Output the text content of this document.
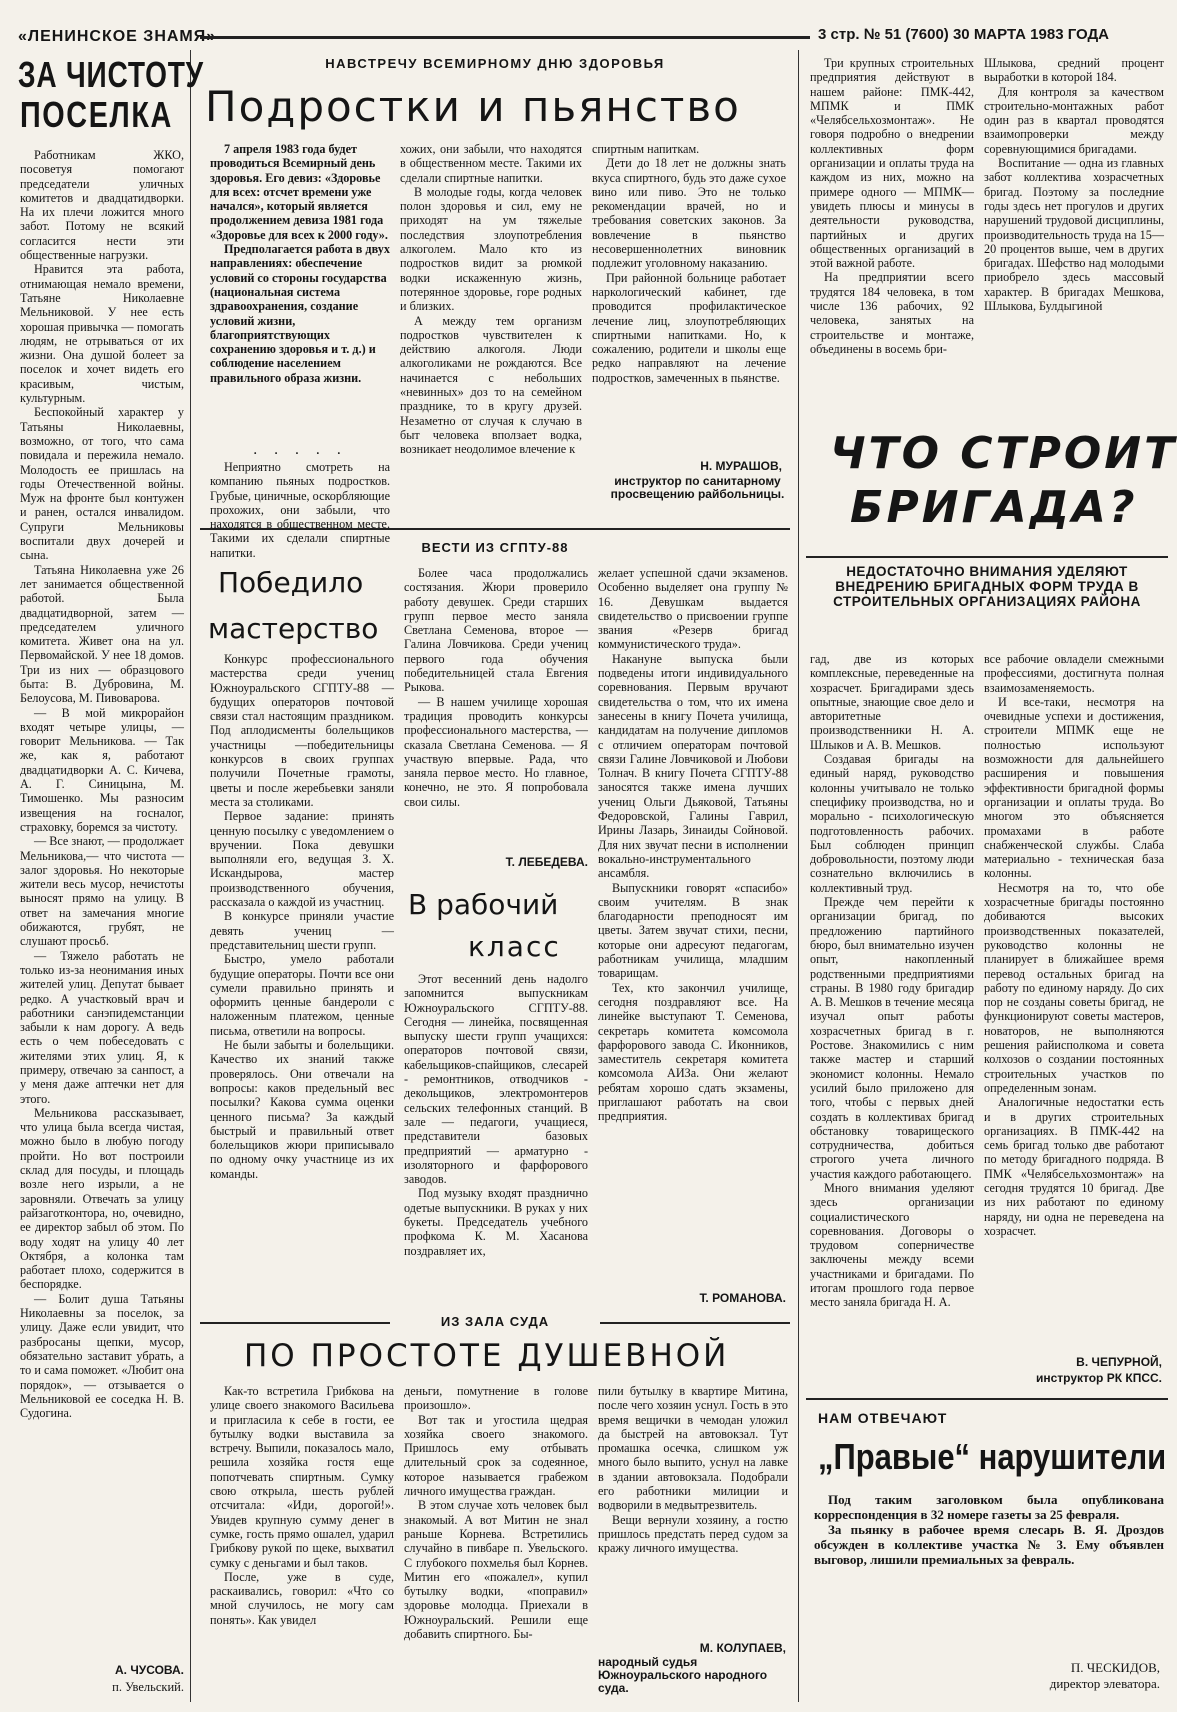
«ЛЕНИНСКОЕ ЗНАМЯ»	3 стр. № 51 (7600) 30 МАРТА 1983 ГОДА
ЗА ЧИСТОТУ
ПОСЕЛКА

Работникам ЖКО, посоветуя помогают председатели уличных комитетов и двадцатидворки. На их плечи ложится много забот. Потому не всякий согласится нести эти общественные нагрузки.

Нравится эта работа, отнимающая немало времени, Татьяне Николаевне Мельниковой. У нее есть хорошая привычка — помогать людям, не отрываться от их жизни. Она душой болеет за поселок и хочет видеть его красивым, чистым, культурным.

Беспокойный характер у Татьяны Николаевны, возможно, от того, что сама повидала и пережила немало. Молодость ее пришлась на годы Отечественной войны. Муж на фронте был контужен и ранен, остался инвалидом. Супруги Мельниковы воспитали двух дочерей и сына.

Татьяна Николаевна уже 26 лет занимается общественной работой. Была двадцатидворной, затем — председателем уличного комитета. Живет она на ул. Первомайской. У нее 18 домов. Три из них — образцового быта: В. Дубровина, М. Белоусова, М. Пивоварова.

— В мой микрорайон входят четыре улицы, — говорит Мельникова. — Так же, как я, работают двадцатидворки А. С. Кичева, А. Г. Синицына, М. Тимошенко. Мы разносим извещения на госналог, страховку, боремся за чистоту.

— Все знают, — продолжает Мельникова,— что чистота —залог здоровья. Но некоторые жители весь мусор, нечистоты выносят прямо на улицу. В ответ на замечания многие обижаются, грубят, не слушают просьб.

— Тяжело работать не только из-за неонимания иных жителей улиц. Депутат бывает редко. А участковый врач и работники санэпидемстанции забыли к нам дорогу. А ведь есть о чем побеседовать с жителями этих улиц. Я, к примеру, отвечаю за санпост, а у меня даже аптечки нет для этого.

Мельникова рассказывает, что улица была всегда чистая, можно было в любую погоду пройти. Но вот построили склад для посуды, и площадь возле него изрыли, а не заровняли. Отвечать за улицу райзаготконтора, но, очевидно, ее директор забыл об этом. По воду ходят на улицу 40 лет Октября, а колонка там работает плохо, содержится в беспорядке.

— Болит душа Татьяны Николаевны за поселок, за улицу. Даже если увидит, что разбросаны щепки, мусор, обязательно заставит убрать, а то и сама поможет. «Любит она порядок», — отзывается о Мельниковой ее соседка Н. В. Судогина.

А. ЧУСОВА.
п. Увельский.
НАВСТРЕЧУ ВСЕМИРНОМУ ДНЮ ЗДОРОВЬЯ
Подростки и пьянство

7 апреля 1983 года будет проводиться Всемирный день здоровья. Его девиз: «Здоровье для всех: отсчет времени уже начался», который является продолжением девиза 1981 года «Здоровье для всех к 2000 году».

Предполагается работа в двух направлениях: обеспечение условий со стороны государства (национальная система здравоохранения, создание условий жизни, благоприятствующих сохранению здоровья и т. д.) и соблюдение населением правильного образа жизни.

· · · · ·

Неприятно смотреть на компанию пьяных подростков. Грубые, циничные, оскорбляющие прохожих, они забыли, что находятся в общественном месте. Такими их сделали спиртные напитки.

хожих, они забыли, что находятся в общественном месте. Такими их сделали спиртные напитки.

В молодые годы, когда человек полон здоровья и сил, ему не приходят на ум тяжелые последствия злоупотребления алкоголем. Мало кто из подростков видит за рюмкой водки искаженную жизнь, потерянное здоровье, горе родных и близких.

А между тем организм подростков чувствителен к действию алкоголя. Люди алкоголиками не рождаются. Все начинается с небольших «невинных» доз то на семейном празднике, то в кругу друзей. Незаметно от случая к случаю в быт человека вползает водка, возникает неодолимое влечение к

спиртным напиткам.

Дети до 18 лет не должны знать вкуса спиртного, будь это даже сухое вино или пиво. Это не только рекомендации врачей, но и требования советских законов. За вовлечение в пьянство несовершеннолетних виновник подлежит уголовному наказанию.

При районной больнице работает наркологический кабинет, где проводится профилактическое лечение лиц, злоупотребляющих спиртными напитками. Но, к сожалению, родители и школы еще редко направляют на лечение подростков, замеченных в пьянстве.

Н. МУРАШОВ,
инструктор по санитарному просвещению райбольницы.
ВЕСТИ ИЗ СГПТУ-88
Победило
мастерство

Конкурс профессионального мастерства среди учениц Южноуральского СГПТУ-88 — будущих операторов почтовой связи стал настоящим праздником. Под аплодисменты болельщиков участницы —победительницы конкурсов в своих группах получили Почетные грамоты, цветы и после жеребьевки заняли места за столиками.

Первое задание: принять ценную посылку с уведомлением о вручении. Пока девушки выполняли его, ведущая З. Х. Искандырова, мастер производственного обучения, рассказала о каждой из участниц.

В конкурсе приняли участие девять учениц — представительниц шести групп.

Быстро, умело работали будущие операторы. Почти все они сумели правильно принять и оформить ценные бандероли с наложенным платежом, ценные письма, ответили на вопросы.

Не были забыты и болельщики. Качество их знаний также проверялось. Они отвечали на вопросы: каков предельный вес посылки? Какова сумма оценки ценного письма? За каждый быстрый и правильный ответ болельщиков жюри приписывало по одному очку участнице из их команды.

Более часа продолжались состязания. Жюри проверило работу девушек. Среди старших групп первое место заняла Светлана Семенова, второе — Галина Ловчикова. Среди учениц первого года обучения победительницей стала Евгения Рыкова.

— В нашем училище хорошая традиция проводить конкурсы профессионального мастерства, — сказала Светлана Семенова. — Я участвую впервые. Рада, что заняла первое место. Но главное, конечно, не это. Я попробовала свои силы.

Т. ЛЕБЕДЕВА.
В рабочий
класс

Этот весенний день надолго запомнится выпускникам Южноуральского СГПТУ-88. Сегодня — линейка, посвященная выпуску шести групп учащихся: операторов почтовой связи, кабельщиков-спайщиков, слесарей - ремонтников, отводчиков - декольщиков, электромонтеров сельских телефонных станций. В зале — педагоги, учащиеся, представители базовых предприятий — арматурно - изоляторного и фарфорового заводов.

Под музыку входят празднично одетые выпускники. В руках у них букеты. Председатель учебного профкома К. М. Хасанова поздравляет их,

желает успешной сдачи экзаменов. Особенно выделяет она группу № 16. Девушкам выдается свидетельство о присвоении группе звания «Резерв бригад коммунистического труда».

Накануне выпуска были подведены итоги индивидуального соревнования. Первым вручают свидетельства о том, что их имена занесены в книгу Почета училища, кандидатам на получение дипломов с отличием операторам почтовой связи Галине Ловчиковой и Любови Толнач. В книгу Почета СГПТУ-88 заносятся также имена лучших учениц Ольги Дьяковой, Татьяны Федоровской, Галины Гаврил, Ирины Лазарь, Зинаиды Сойновой. Для них звучат песни в исполнении вокально-инструментального ансамбля.

Выпускники говорят «спасибо» своим учителям. В знак благодарности преподносят им цветы. Затем звучат стихи, песни, которые они адресуют педагогам, работникам училища, младшим товарищам.

Тех, кто закончил училище, сегодня поздравляют все. На линейке выступают Т. Семенова, секретарь комитета комсомола фарфорового завода С. Иконников, заместитель секретаря комитета комсомола АИЗа. Они желают ребятам хорошо сдать экзамены, приглашают работать на свои предприятия.

Т. РОМАНОВА.
ИЗ ЗАЛА СУДА
ПО ПРОСТОТЕ ДУШЕВНОЙ

Как-то встретила Грибкова на улице своего знакомого Васильева и пригласила к себе в гости, ее бутылку водки выставила за встречу. Выпили, показалось мало, решила хозяйка гостя еще попотчевать спиртным. Сумку свою открыла, шесть рублей отсчитала: «Иди, дорогой!». Увидев крупную сумму денег в сумке, гость прямо ошалел, ударил Грибкову рукой по щеке, выхватил сумку с деньгами и был таков.

После, уже в суде, раскаивались, говорил: «Что со мной случилось, не могу сам понять». Как увидел

деньги, помутнение в голове произошло».

Вот так и угостила щедрая хозяйка своего знакомого. Пришлось ему отбывать длительный срок за содеянное, которое называется грабежом личного имущества граждан.

В этом случае хоть человек был знакомый. А вот Митин не знал раньше Корнева. Встретились случайно в пивбаре п. Увельского. С глубокого похмелья был Корнев. Митин его «пожалел», купил бутылку водки, «поправил» здоровье молодца. Приехали в Южноуральский. Решили еще добавить спиртного. Бы-

пили бутылку в квартире Митина, после чего хозяин уснул. Гость в это время вещички в чемодан уложил да быстрей на автовокзал. Тут промашка осечка, слишком уж много было выпито, уснул на лавке в здании автовокзала. Подобрали его работники милиции и водворили в медвытрезвитель.

Вещи вернули хозяину, а гостю пришлось предстать перед судом за кражу личного имущества.

М. КОЛУПАЕВ,
народный судья Южноуральского народного суда.

Три крупных строительных предприятия действуют в нашем районе: ПМК-442, МПМК и ПМК «Челябсельхозмонтаж». Не говоря подробно о внедрении коллективных форм организации и оплаты труда на каждом из них, можно на примере одного — МПМК— увидеть плюсы и минусы в деятельности руководства, партийных и других общественных организаций в этой важной работе.

На предприятии всего трудятся 184 человека, в том числе 136 рабочих, 92 человека, занятых на строительстве и монтаже, объединены в восемь бри-

Шлыкова, средний процент выработки в которой 184.

Для контроля за качеством строительно-монтажных работ один раз в квартал проводятся взаимопроверки между соревнующимися бригадами.

Воспитание — одна из главных забот коллектива хозрасчетных бригад. Поэтому за последние годы здесь нет прогулов и других нарушений трудовой дисциплины, производительность труда на 15—20 процентов выше, чем в других бригадах. Шефство над молодыми приобрело здесь массовый характер. В бригадах Мешкова, Шлыкова, Булдыгиной

ЧТО СТРОИТ
БРИГАДА?
НЕДОСТАТОЧНО ВНИМАНИЯ УДЕЛЯЮТ ВНЕДРЕНИЮ БРИГАДНЫХ ФОРМ ТРУДА В СТРОИТЕЛЬНЫХ ОРГАНИЗАЦИЯХ РАЙОНА

гад, две из которых комплексные, переведенные на хозрасчет. Бригадирами здесь опытные, знающие свое дело и авторитетные производственники Н. А. Шлыков и А. В. Мешков.

Создавая бригады на единый наряд, руководство колонны учитывало не только специфику производства, но и морально - психологическую подготовленность рабочих. Был соблюден принцип добровольности, поэтому люди сознательно включились в коллективный труд.

Прежде чем перейти к организации бригад, по предложению партийного бюро, был внимательно изучен опыт, накопленный родственными предприятиями страны. В 1980 году бригадир А. В. Мешков в течение месяца изучал опыт работы хозрасчетных бригад в г. Ростове. Знакомились с ним также мастер и старший экономист колонны. Немало усилий было приложено для того, чтобы с первых дней создать в коллективах бригад обстановку товарищеского сотрудничества, добиться строгого учета личного участия каждого работающего.

Много внимания уделяют здесь организации социалистического соревнования. Договоры о трудовом соперничестве заключены между всеми участниками и бригадами. По итогам прошлого года первое место заняла бригада Н. А.

все рабочие овладели смежными профессиями, достигнута полная взаимозаменяемость.

И все-таки, несмотря на очевидные успехи и достижения, строители МПМК еще не полностью используют возможности для дальнейшего расширения и повышения эффективности бригадной формы организации и оплаты труда. Во многом это объясняется промахами в работе снабженческой службы. Слаба материально - техническая база колонны.

Несмотря на то, что обе хозрасчетные бригады постоянно добиваются высоких производственных показателей, руководство колонны не планирует в ближайшее время перевод остальных бригад на работу по единому наряду. До сих пор не созданы советы бригад, не функционируют советы мастеров, новаторов, не выполняются решения райисполкома и совета колхозов о создании постоянных строительных участков по определенным зонам.

Аналогичные недостатки есть и в других строительных организациях. В ПМК-442 на семь бригад только две работают по методу бригадного подряда. В ПМК «Челябсельхозмонтаж» на сегодня трудятся 10 бригад. Две из них работают по единому наряду, ни одна не переведена на хозрасчет.

В. ЧЕПУРНОЙ,
инструктор РК КПСС.
НАМ ОТВЕЧАЮТ
„Правые“ нарушители

Под таким заголовком была опубликована корреспонденция в 32 номере газеты за 25 февраля.

За пьянку в рабочее время слесарь В. Я. Дроздов обсужден в коллективе участка № 3. Ему объявлен выговор, лишили премиальных за февраль.

П. ЧЕСКИДОВ,
директор элеватора.
